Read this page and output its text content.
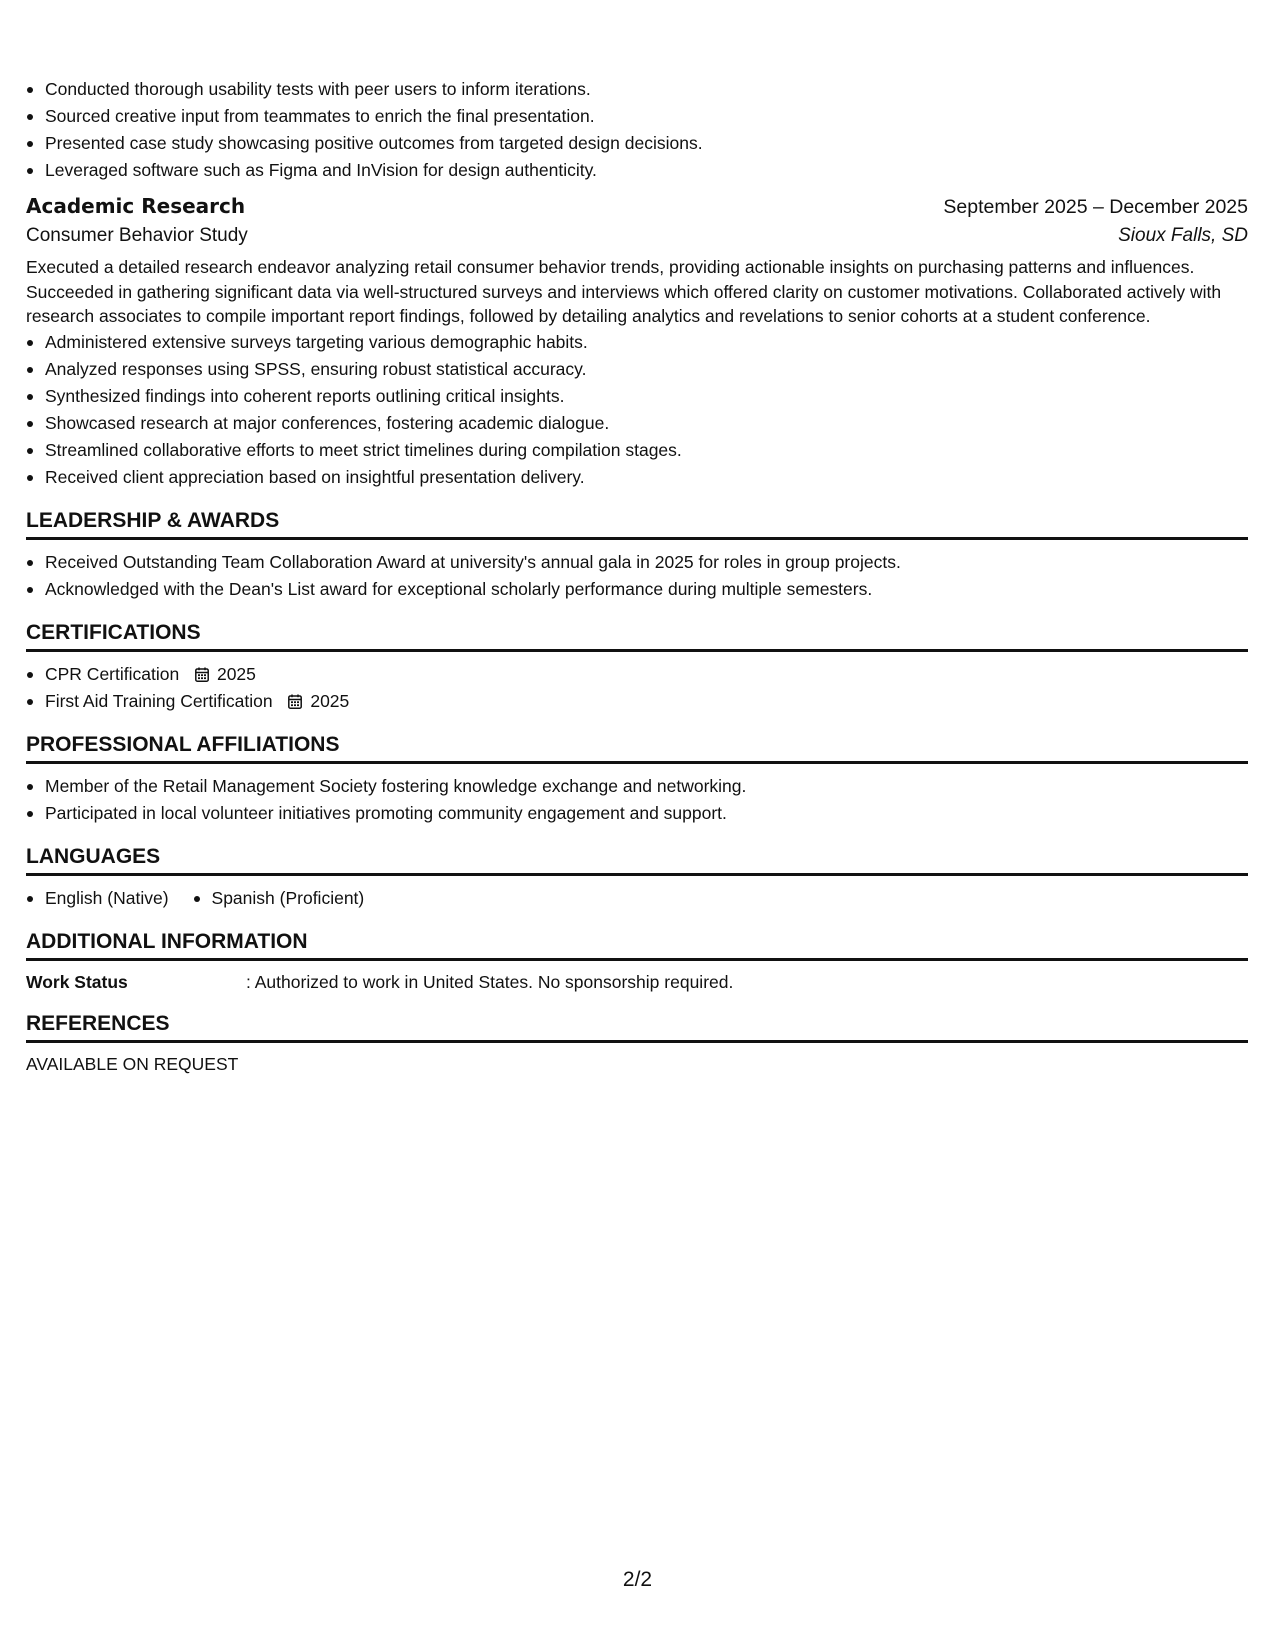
Conducted thorough usability tests with peer users to inform iterations.
Sourced creative input from teammates to enrich the final presentation.
Presented case study showcasing positive outcomes from targeted design decisions.
Leveraged software such as Figma and InVision for design authenticity.
Academic Research	September 2025 – December 2025
Consumer Behavior Study	Sioux Falls, SD
Executed a detailed research endeavor analyzing retail consumer behavior trends, providing actionable insights on purchasing patterns and influences. Succeeded in gathering significant data via well-structured surveys and interviews which offered clarity on customer motivations. Collaborated actively with research associates to compile important report findings, followed by detailing analytics and revelations to senior cohorts at a student conference.
Administered extensive surveys targeting various demographic habits.
Analyzed responses using SPSS, ensuring robust statistical accuracy.
Synthesized findings into coherent reports outlining critical insights.
Showcased research at major conferences, fostering academic dialogue.
Streamlined collaborative efforts to meet strict timelines during compilation stages.
Received client appreciation based on insightful presentation delivery.
LEADERSHIP & AWARDS
Received Outstanding Team Collaboration Award at university's annual gala in 2025 for roles in group projects.
Acknowledged with the Dean's List award for exceptional scholarly performance during multiple semesters.
CERTIFICATIONS
CPR Certification 2025
First Aid Training Certification 2025
PROFESSIONAL AFFILIATIONS
Member of the Retail Management Society fostering knowledge exchange and networking.
Participated in local volunteer initiatives promoting community engagement and support.
LANGUAGES
English (Native)	Spanish (Proficient)
ADDITIONAL INFORMATION
Work Status	: Authorized to work in United States. No sponsorship required.
REFERENCES
AVAILABLE ON REQUEST
2/2
